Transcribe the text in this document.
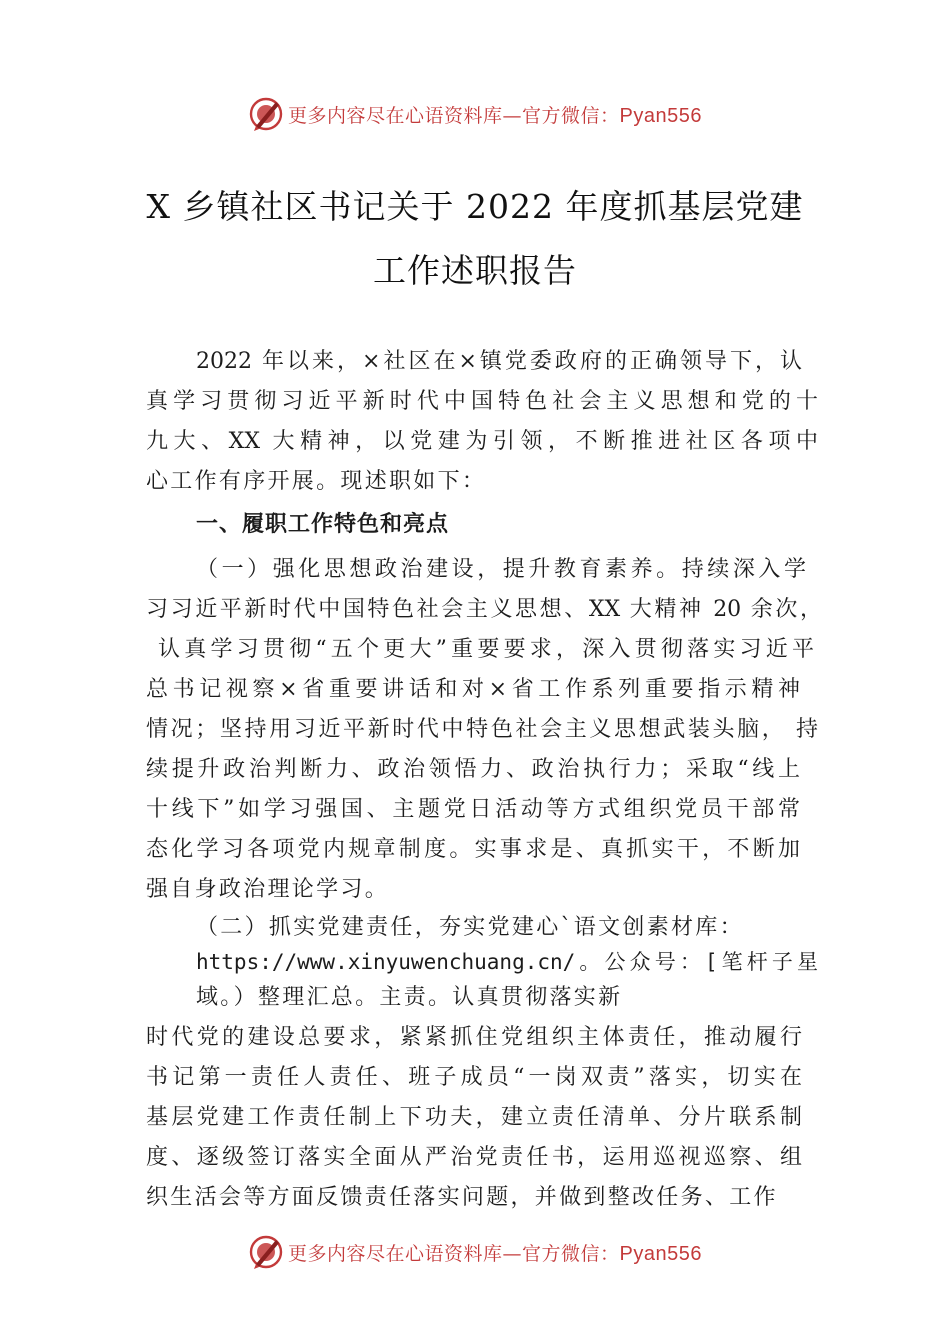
更多内容尽在心语资料库—官方微信：Pyan556
X 乡镇社区书记关于 2022 年度抓基层党建
工作述职报告
2022 年以来，×社区在×镇党委政府的正确领导下，认
真学习贯彻习近平新时代中国特色社会主义思想和党的十
九大、XX 大精神，以党建为引领，不断推进社区各项中
心工作有序开展。现述职如下：
一、履职工作特色和亮点
（一）强化思想政治建设，提升教育素养。持续深入学
习习近平新时代中国特色社会主义思想、XX 大精神 20 余次，
认真学习贯彻“五个更大”重要要求，深入贯彻落实习近平
总书记视察×省重要讲话和对×省工作系列重要指示精神
情况；坚持用习近平新时代中特色社会主义思想武装头脑， 持
续提升政治判断力、政治领悟力、政治执行力；采取“线上
十线下”如学习强国、主题党日活动等方式组织党员干部常
态化学习各项党内规章制度。实事求是、真抓实干，不断加
强自身政治理论学习。
（二）抓实党建责任，夯实党建心`语文创素材库：
https://www.xinyuwenchuang.cn/。公众号：[笔杆子星
域。）整理汇总。主责。认真贯彻落实新
时代党的建设总要求，紧紧抓住党组织主体责任，推动履行
书记第一责任人责任、班子成员“一岗双责”落实，切实在
基层党建工作责任制上下功夫，建立责任清单、分片联系制
度、逐级签订落实全面从严治党责任书，运用巡视巡察、组
织生活会等方面反馈责任落实问题，并做到整改任务、工作
更多内容尽在心语资料库—官方微信：Pyan556
